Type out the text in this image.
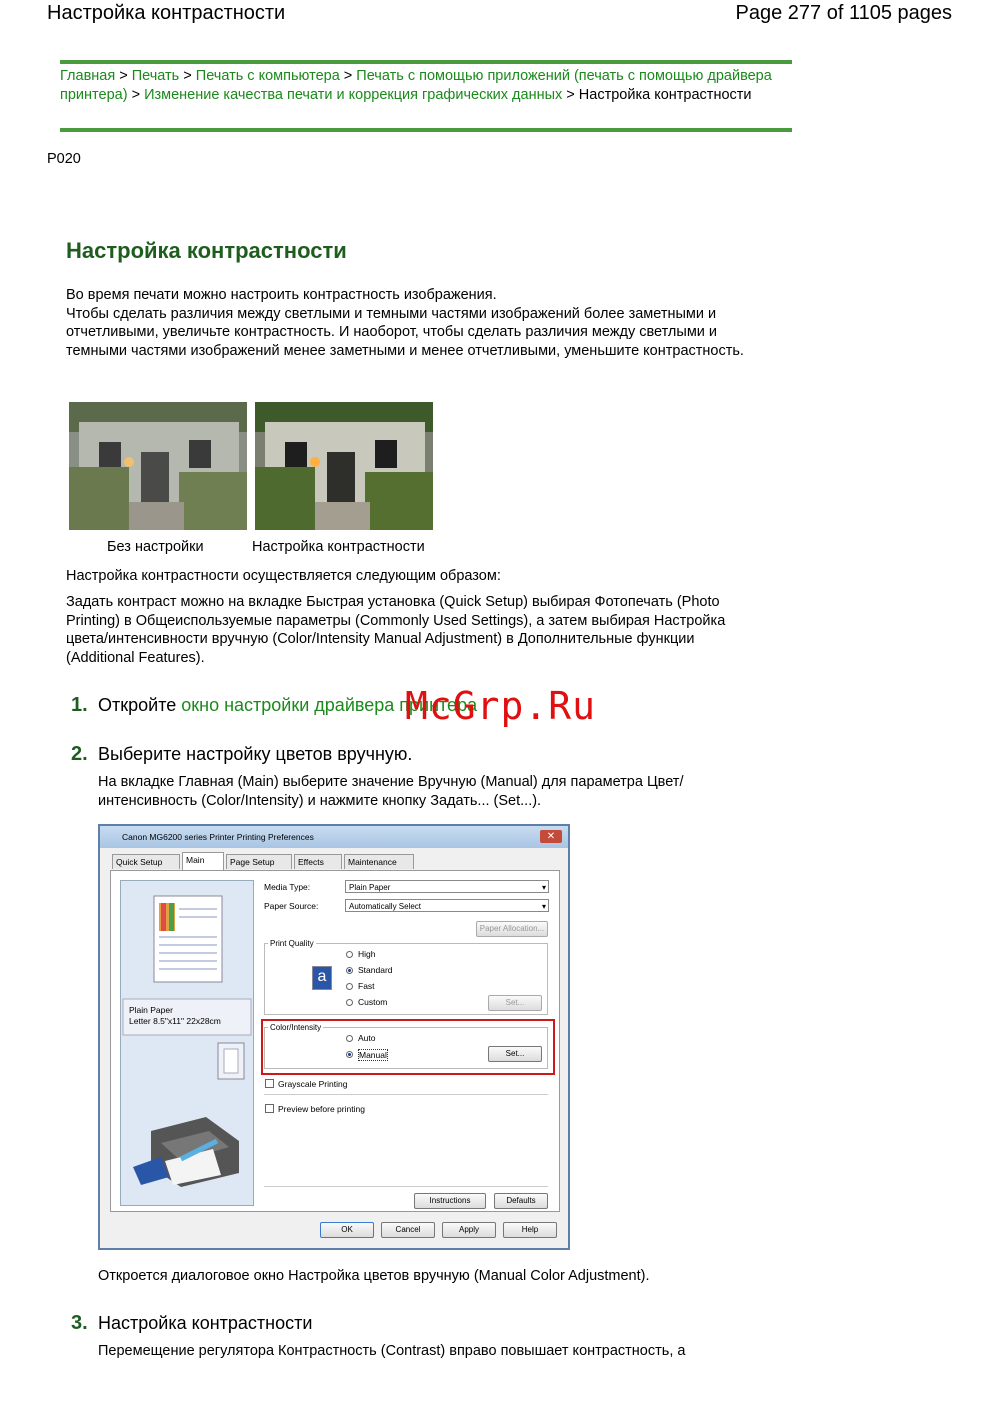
Настройка контрастности	Page 277 of 1105 pages
Главная > Печать > Печать с компьютера > Печать с помощью приложений (печать с помощью драйвера принтера) > Изменение качества печати и коррекция графических данных > Настройка контрастности
P020
Настройка контрастности
Во время печати можно настроить контрастность изображения.
Чтобы сделать различия между светлыми и темными частями изображений более заметными и отчетливыми, увеличьте контрастность. И наоборот, чтобы сделать различия между светлыми и темными частями изображений менее заметными и менее отчетливыми, уменьшите контрастность.
Без настройки	Настройка контрастности
Настройка контрастности осуществляется следующим образом:
Задать контраст можно на вкладке Быстрая установка (Quick Setup) выбирая Фотопечать (Photo Printing) в Общеиспользуемые параметры (Commonly Used Settings), а затем выбирая Настройка цвета/интенсивности вручную (Color/Intensity Manual Adjustment) в Дополнительные функции (Additional Features).
1. Откройте окно настройки драйвера принтера
McGrp.Ru
2. Выберите настройку цветов вручную.
На вкладке Главная (Main) выберите значение Вручную (Manual) для параметра Цвет/интенсивность (Color/Intensity) и нажмите кнопку Задать... (Set...).
Canon MG6200 series Printer Printing Preferences	✕
Quick Setup	Main	Page Setup	Effects	Maintenance
Plain Paper
Letter 8.5"x11" 22x28cm
Media Type:	Plain Paper ▾
Paper Source:	Automatically Select ▾
Paper Allocation...
Print Quality
a
High
Standard
Fast
Custom	Set...
Color/Intensity
Auto
Manual	Set...
Grayscale Printing
Preview before printing
Instructions	Defaults
OK	Cancel	Apply	Help
Откроется диалоговое окно Настройка цветов вручную (Manual Color Adjustment).
3. Настройка контрастности
Перемещение регулятора Контрастность (Contrast) вправо повышает контрастность, а
